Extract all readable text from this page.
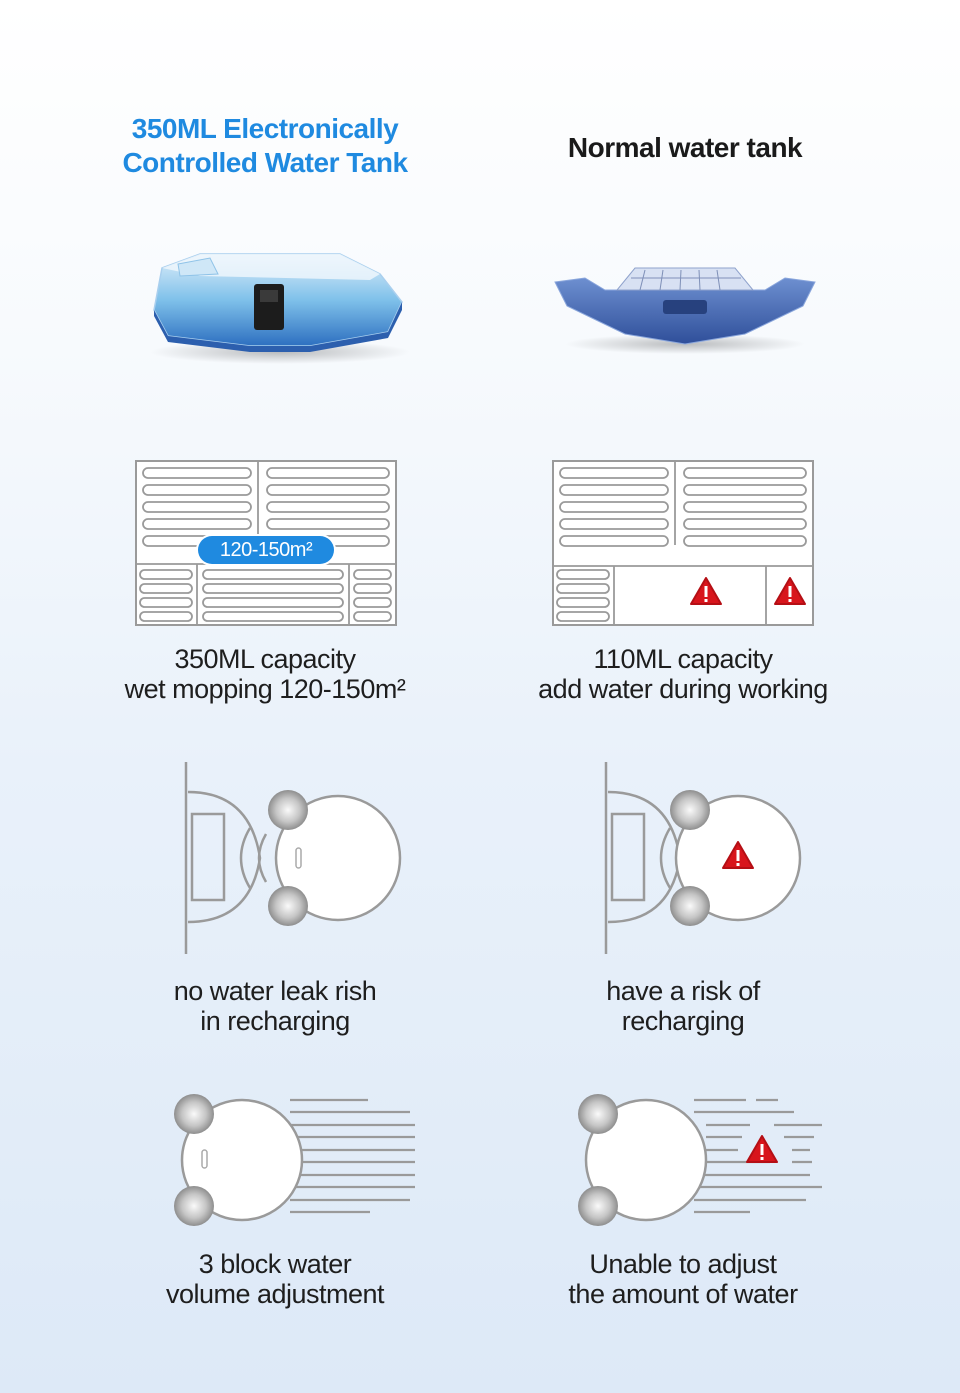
350ML Electronically
Controlled Water Tank	Normal water tank
120-150m²
350ML capacity
wet mopping 120-150m²
110ML capacity
add water during working
no water leak rish
in recharging
have a risk of
recharging
3 block water
volume adjustment
Unable to adjust
the amount of water
